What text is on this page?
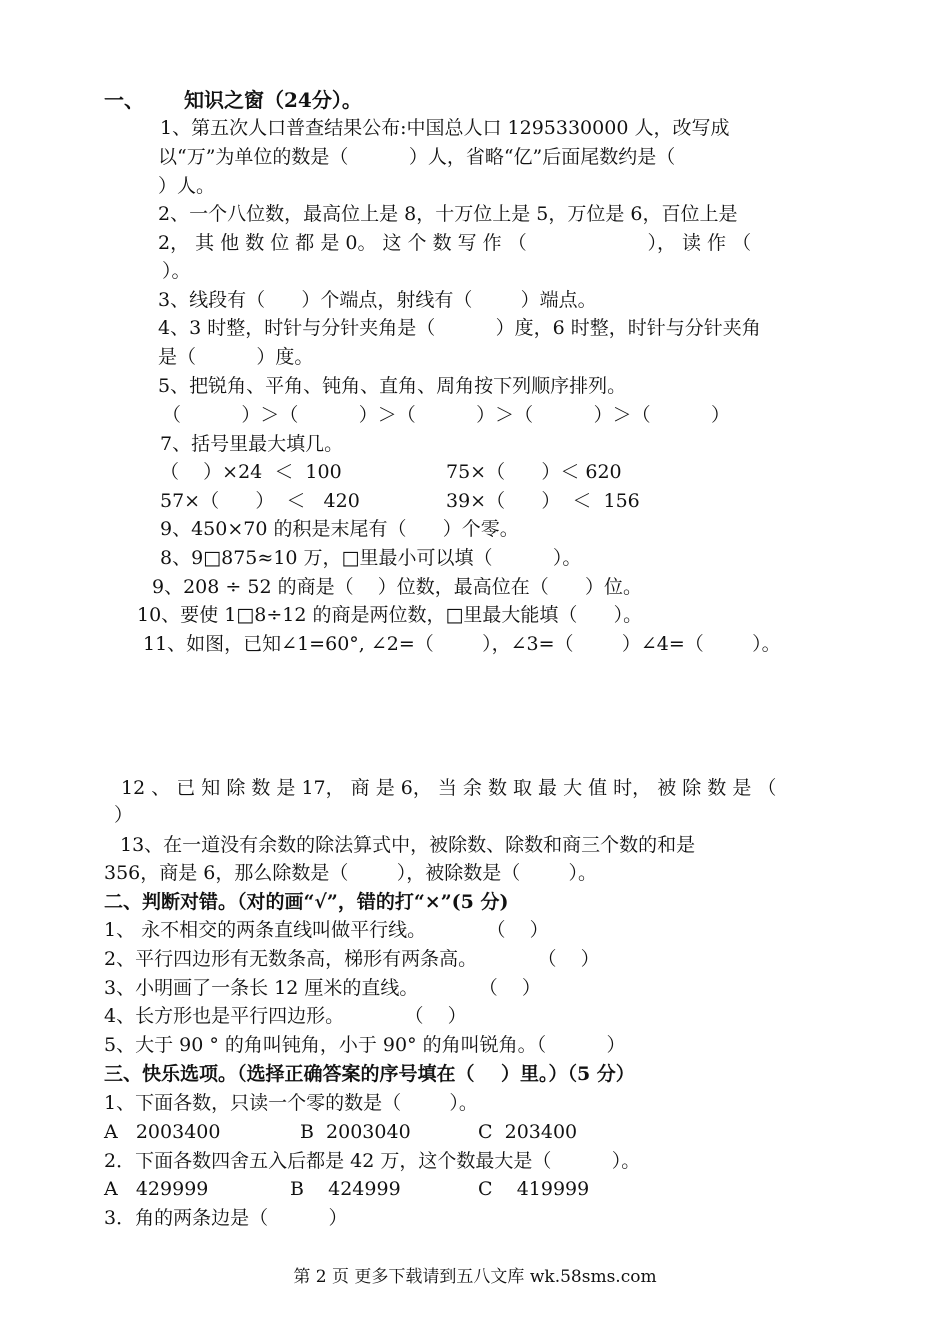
一、 知识之窗（24分）。
1、第五次人口普查结果公布:中国总人口 1295330000 人，改写成
以“万”为单位的数是（          ）人，省略“亿”后面尾数约是（
）人。
2、一个八位数，最高位上是 8，十万位上是 5，万位是 6，百位上是
2， 其 他 数 位 都 是 0。 这 个 数 写 作 （                    ）， 读 作 （
）。
3、线段有（      ）个端点，射线有（        ）端点。
4、3 时整，时针与分针夹角是（          ）度，6 时整，时针与分针夹角
是（          ）度。
5、把锐角、平角、钝角、直角、周角按下列顺序排列。
（          ）＞（          ）＞（          ）＞（          ）＞（          ）
7、括号里最大填几。
（    ）×24  ＜  100	75×（      ）＜ 620
57×（      ）  ＜   420	39×（      ）  ＜  156
9、450×70 的积是末尾有（      ）个零。
8、9□875≈10 万，□里最小可以填（          ）。
9、208 ÷ 52 的商是（    ）位数，最高位在（      ）位。
10、要使 1□8÷12 的商是两位数，□里最大能填（      ）。
11、如图，已知∠1=60°, ∠2=（        ），∠3=（        ）∠4=（        ）。
12 、 已 知 除 数 是 17， 商 是 6， 当 余 数 取 最 大 值 时， 被 除 数 是 （
）
13、在一道没有余数的除法算式中，被除数、除数和商三个数的和是
356，商是 6，那么除数是（        ），被除数是（        ）。
二、判断对错。（对的画“√”，错的打“×”(5 分)
1、 永不相交的两条直线叫做平行线。          （    ）
2、平行四边形有无数条高，梯形有两条高。          （    ）
3、小明画了一条长 12 厘米的直线。          （    ）
4、长方形也是平行四边形。          （    ）
5、大于 90 ° 的角叫钝角，小于 90° 的角叫锐角。（          ）
三、快乐选项。（选择正确答案的序号填在（    ）里。）（5 分）
1、下面各数，只读一个零的数是（        ）。
A   2003400	B  2003040	C  203400
2．下面各数四舍五入后都是 42 万，这个数最大是（          ）。
A   429999	B    424999	C    419999
3．角的两条边是（          ）
第 2 页 更多下载请到五八文库 wk.58sms.com
